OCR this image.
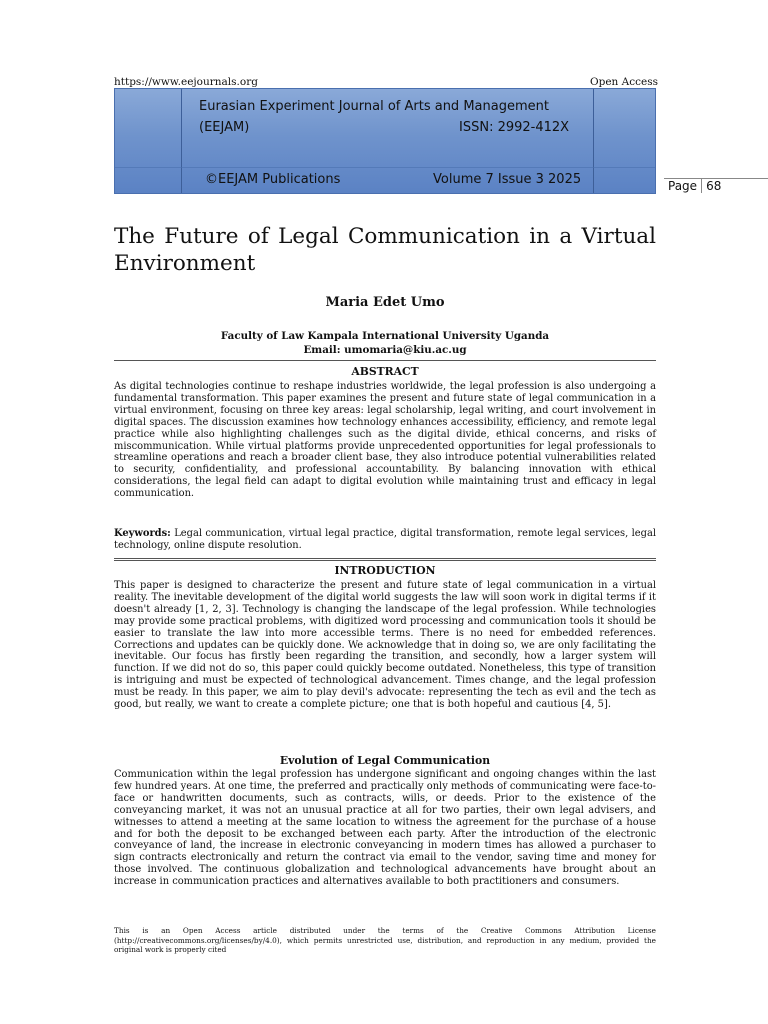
https://www.eejournals.org	Open Access
Eurasian Experiment Journal of Arts and Management
(EEJAM)	ISSN: 2992-412X
©EEJAM Publications	Volume 7 Issue 3 2025	Page 68
The Future of Legal Communication in a Virtual Environment
Maria Edet Umo
Faculty of Law Kampala International University Uganda
Email: umomaria@kiu.ac.ug
ABSTRACT
As digital technologies continue to reshape industries worldwide, the legal profession is also undergoing a fundamental transformation. This paper examines the present and future state of legal communication in a virtual environment, focusing on three key areas: legal scholarship, legal writing, and court involvement in digital spaces. The discussion examines how technology enhances accessibility, efficiency, and remote legal practice while also highlighting challenges such as the digital divide, ethical concerns, and risks of miscommunication. While virtual platforms provide unprecedented opportunities for legal professionals to streamline operations and reach a broader client base, they also introduce potential vulnerabilities related to security, confidentiality, and professional accountability. By balancing innovation with ethical considerations, the legal field can adapt to digital evolution while maintaining trust and efficacy in legal communication.
Keywords: Legal communication, virtual legal practice, digital transformation, remote legal services, legal technology, online dispute resolution.
INTRODUCTION
This paper is designed to characterize the present and future state of legal communication in a virtual reality. The inevitable development of the digital world suggests the law will soon work in digital terms if it doesn't already [1, 2, 3]. Technology is changing the landscape of the legal profession. While technologies may provide some practical problems, with digitized word processing and communication tools it should be easier to translate the law into more accessible terms. There is no need for embedded references. Corrections and updates can be quickly done. We acknowledge that in doing so, we are only facilitating the inevitable. Our focus has firstly been regarding the transition, and secondly, how a larger system will function. If we did not do so, this paper could quickly become outdated. Nonetheless, this type of transition is intriguing and must be expected of technological advancement. Times change, and the legal profession must be ready. In this paper, we aim to play devil's advocate: representing the tech as evil and the tech as good, but really, we want to create a complete picture; one that is both hopeful and cautious [4, 5].
Evolution of Legal Communication
Communication within the legal profession has undergone significant and ongoing changes within the last few hundred years. At one time, the preferred and practically only methods of communicating were face-to-face or handwritten documents, such as contracts, wills, or deeds. Prior to the existence of the conveyancing market, it was not an unusual practice at all for two parties, their own legal advisers, and witnesses to attend a meeting at the same location to witness the agreement for the purchase of a house and for both the deposit to be exchanged between each party. After the introduction of the electronic conveyance of land, the increase in electronic conveyancing in modern times has allowed a purchaser to sign contracts electronically and return the contract via email to the vendor, saving time and money for those involved. The continuous globalization and technological advancements have brought about an increase in communication practices and alternatives available to both practitioners and consumers.
This is an Open Access article distributed under the terms of the Creative Commons Attribution License (http://creativecommons.org/licenses/by/4.0), which permits unrestricted use, distribution, and reproduction in any medium, provided the original work is properly cited
